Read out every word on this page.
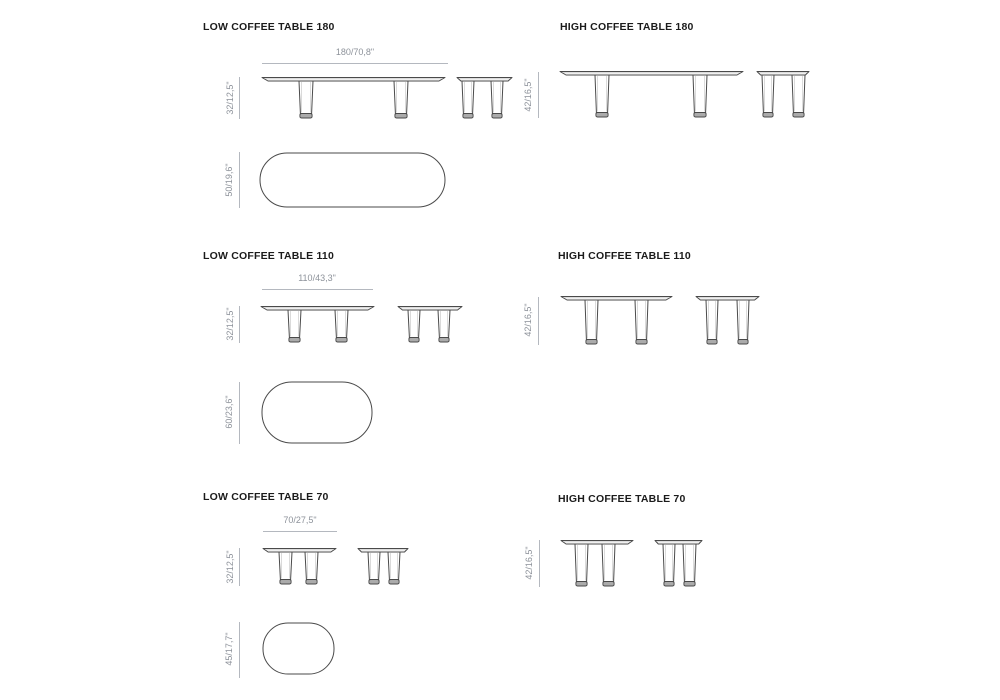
LOW COFFEE TABLE 180
180/70,8"
32/12,5"
50/19,6"
HIGH COFFEE TABLE 180
42/16,5"
LOW COFFEE TABLE 110
110/43,3"
32/12,5"
60/23,6"
HIGH COFFEE TABLE 110
42/16,5"
LOW COFFEE TABLE 70
70/27,5"
32/12,5"
45/17,7"
HIGH COFFEE TABLE 70
42/16,5"
